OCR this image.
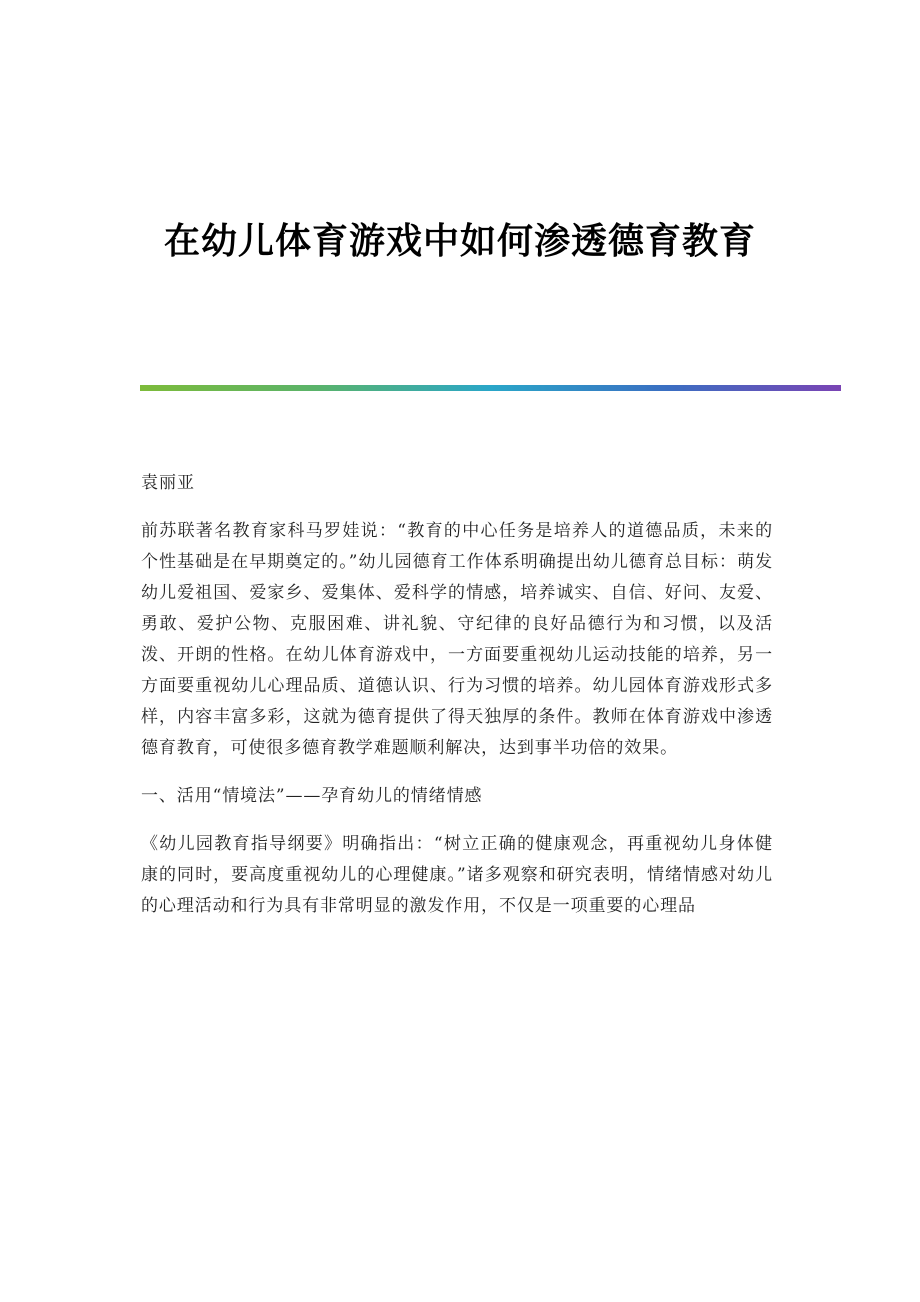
在幼儿体育游戏中如何渗透德育教育

袁丽亚

前苏联著名教育家科马罗娃说：“教育的中心任务是培养人的道德品质，未来的个性基础是在早期奠定的。”幼儿园德育工作体系明确提出幼儿德育总目标：萌发幼儿爱祖国、爱家乡、爱集体、爱科学的情感，培养诚实、自信、好问、友爱、勇敢、爱护公物、克服困难、讲礼貌、守纪律的良好品德行为和习惯，以及活泼、开朗的性格。在幼儿体育游戏中，一方面要重视幼儿运动技能的培养，另一方面要重视幼儿心理品质、道德认识、行为习惯的培养。幼儿园体育游戏形式多样，内容丰富多彩，这就为德育提供了得天独厚的条件。教师在体育游戏中渗透德育教育，可使很多德育教学难题顺利解决，达到事半功倍的效果。

一、活用“情境法”——孕育幼儿的情绪情感

《幼儿园教育指导纲要》明确指出：“树立正确的健康观念，再重视幼儿身体健康的同时，要高度重视幼儿的心理健康。”诸多观察和研究表明，情绪情感对幼儿的心理活动和行为具有非常明显的激发作用，不仅是一项重要的心理品
